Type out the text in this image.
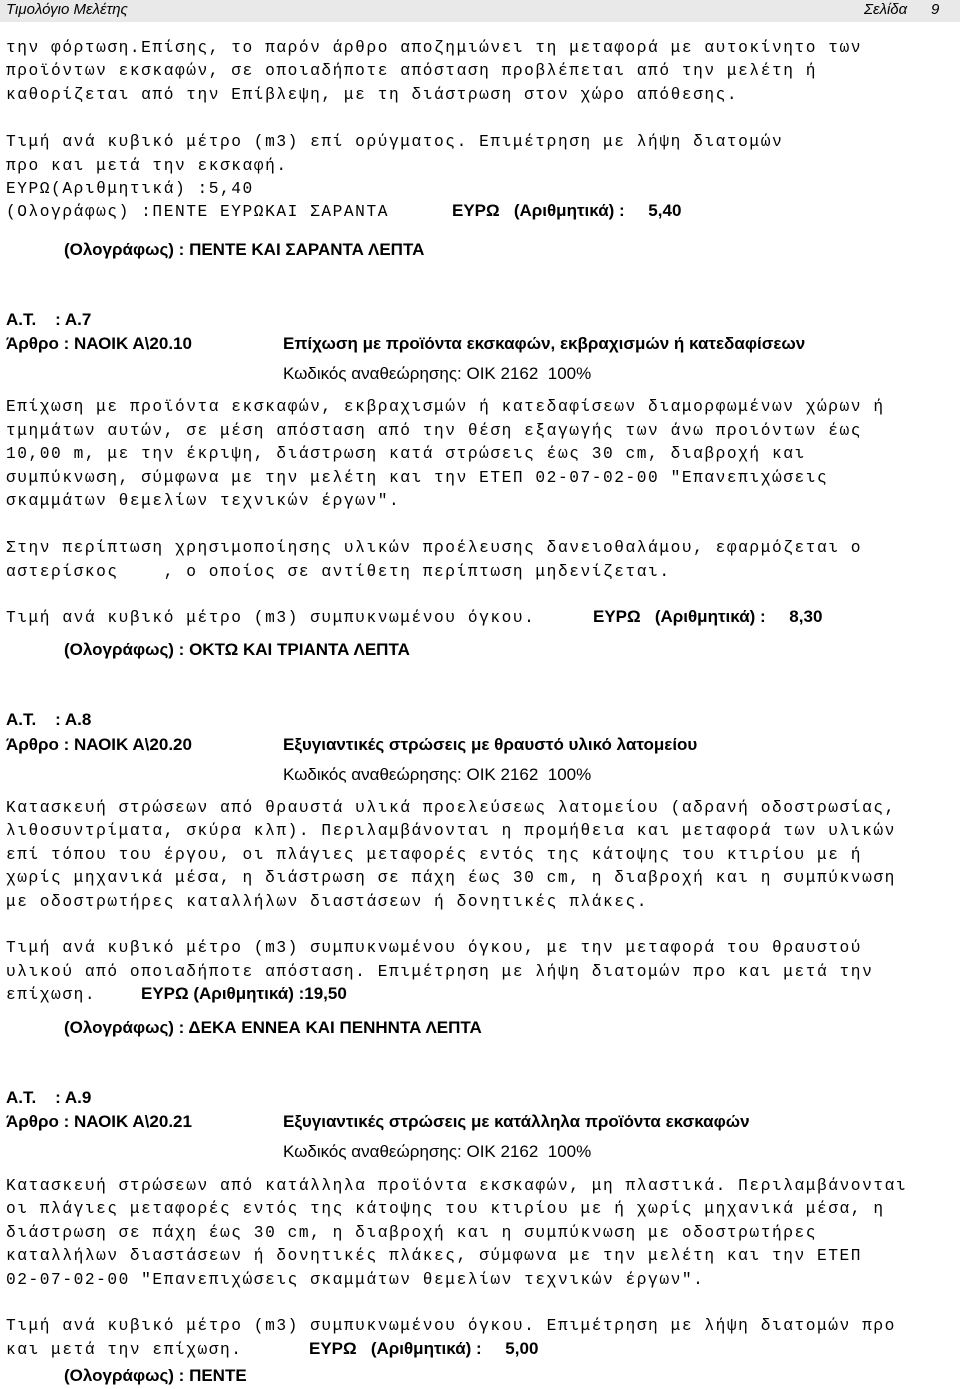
Τιμολόγιο Μελέτης	Σελίδα 9
την φόρτωση.Επίσης, το παρόν άρθρο αποζημιώνει τη μεταφορά με αυτοκίνητο των
προϊόντων εκσκαφών, σε οποιαδήποτε απόσταση προβλέπεται από την μελέτη ή
καθορίζεται από την Επίβλεψη, με τη διάστρωση στον χώρο απόθεσης.
Τιμή ανά κυβικό μέτρο (m3) επί ορύγματος. Επιμέτρηση με λήψη διατομών
προ και μετά την εκσκαφή.
ΕΥΡΩ(Αριθμητικά) :5,40
(Ολογράφως) :ΠΕΝΤΕ ΕΥΡΩΚΑΙ ΣΑΡΑΝΤΑ	ΕΥΡΩ   (Αριθμητικά) :     5,40
(Ολογράφως) : ΠΕΝΤΕ ΚΑΙ ΣΑΡΑΝΤΑ ΛΕΠΤΑ
Α.Τ.    : Α.7
Άρθρο : ΝΑΟΙΚ Α\20.10	Επίχωση με προϊόντα εκσκαφών, εκβραχισμών ή κατεδαφίσεων
Κωδικός αναθεώρησης: ΟΙΚ 2162  100%
Επίχωση με προϊόντα εκσκαφών, εκβραχισμών ή κατεδαφίσεων διαμορφωμένων χώρων ή
τμημάτων αυτών, σε μέση απόσταση από την θέση εξαγωγής των άνω προιόντων έως
10,00 m, με την έκριψη, διάστρωση κατά στρώσεις έως 30 cm, διαβροχή και
συμπύκνωση, σύμφωνα με την μελέτη και την ΕΤΕΠ 02-07-02-00 "Επανεπιχώσεις
σκαμμάτων θεμελίων τεχνικών έργων".
Στην περίπτωση χρησιμοποίησης υλικών προέλευσης δανειοθαλάμου, εφαρμόζεται ο
αστερίσκος    , ο οποίος σε αντίθετη περίπτωση μηδενίζεται.
Τιμή ανά κυβικό μέτρο (m3) συμπυκνωμένου όγκου.	ΕΥΡΩ   (Αριθμητικά) :     8,30
(Ολογράφως) : ΟΚΤΩ ΚΑΙ ΤΡΙΑΝΤΑ ΛΕΠΤΑ
Α.Τ.    : Α.8
Άρθρο : ΝΑΟΙΚ Α\20.20	Εξυγιαντικές στρώσεις με θραυστό υλικό λατομείου
Κωδικός αναθεώρησης: ΟΙΚ 2162  100%
Κατασκευή στρώσεων από θραυστά υλικά προελεύσεως λατομείου (αδρανή οδοστρωσίας,
λιθοσυντρίματα, σκύρα κλπ). Περιλαμβάνονται η προμήθεια και μεταφορά των υλικών
επί τόπου του έργου, οι πλάγιες μεταφορές εντός της κάτοψης του κτιρίου με ή
χωρίς μηχανικά μέσα, η διάστρωση σε πάχη έως 30 cm, η διαβροχή και η συμπύκνωση
με οδοστρωτήρες καταλλήλων διαστάσεων ή δονητικές πλάκες.
Τιμή ανά κυβικό μέτρο (m3) συμπυκνωμένου όγκου, με την μεταφορά του θραυστού
υλικού από οποιαδήποτε απόσταση. Επιμέτρηση με λήψη διατομών προ και μετά την
επίχωση.	ΕΥΡΩ (Αριθμητικά) :19,50
(Ολογράφως) : ΔΕΚΑ ΕΝΝΕΑ ΚΑΙ ΠΕΝΗΝΤΑ ΛΕΠΤΑ
Α.Τ.    : Α.9
Άρθρο : ΝΑΟΙΚ Α\20.21	Εξυγιαντικές στρώσεις με κατάλληλα προϊόντα εκσκαφών
Κωδικός αναθεώρησης: ΟΙΚ 2162  100%
Κατασκευή στρώσεων από κατάλληλα προϊόντα εκσκαφών, μη πλαστικά. Περιλαμβάνονται
οι πλάγιες μεταφορές εντός της κάτοψης του κτιρίου με ή χωρίς μηχανικά μέσα, η
διάστρωση σε πάχη έως 30 cm, η διαβροχή και η συμπύκνωση με οδοστρωτήρες
καταλλήλων διαστάσεων ή δονητικές πλάκες, σύμφωνα με την μελέτη και την ΕΤΕΠ
02-07-02-00 "Επανεπιχώσεις σκαμμάτων θεμελίων τεχνικών έργων".
Τιμή ανά κυβικό μέτρο (m3) συμπυκνωμένου όγκου. Επιμέτρηση με λήψη διατομών προ
και μετά την επίχωση.	ΕΥΡΩ   (Αριθμητικά) :     5,00
(Ολογράφως) : ΠΕΝΤΕ
